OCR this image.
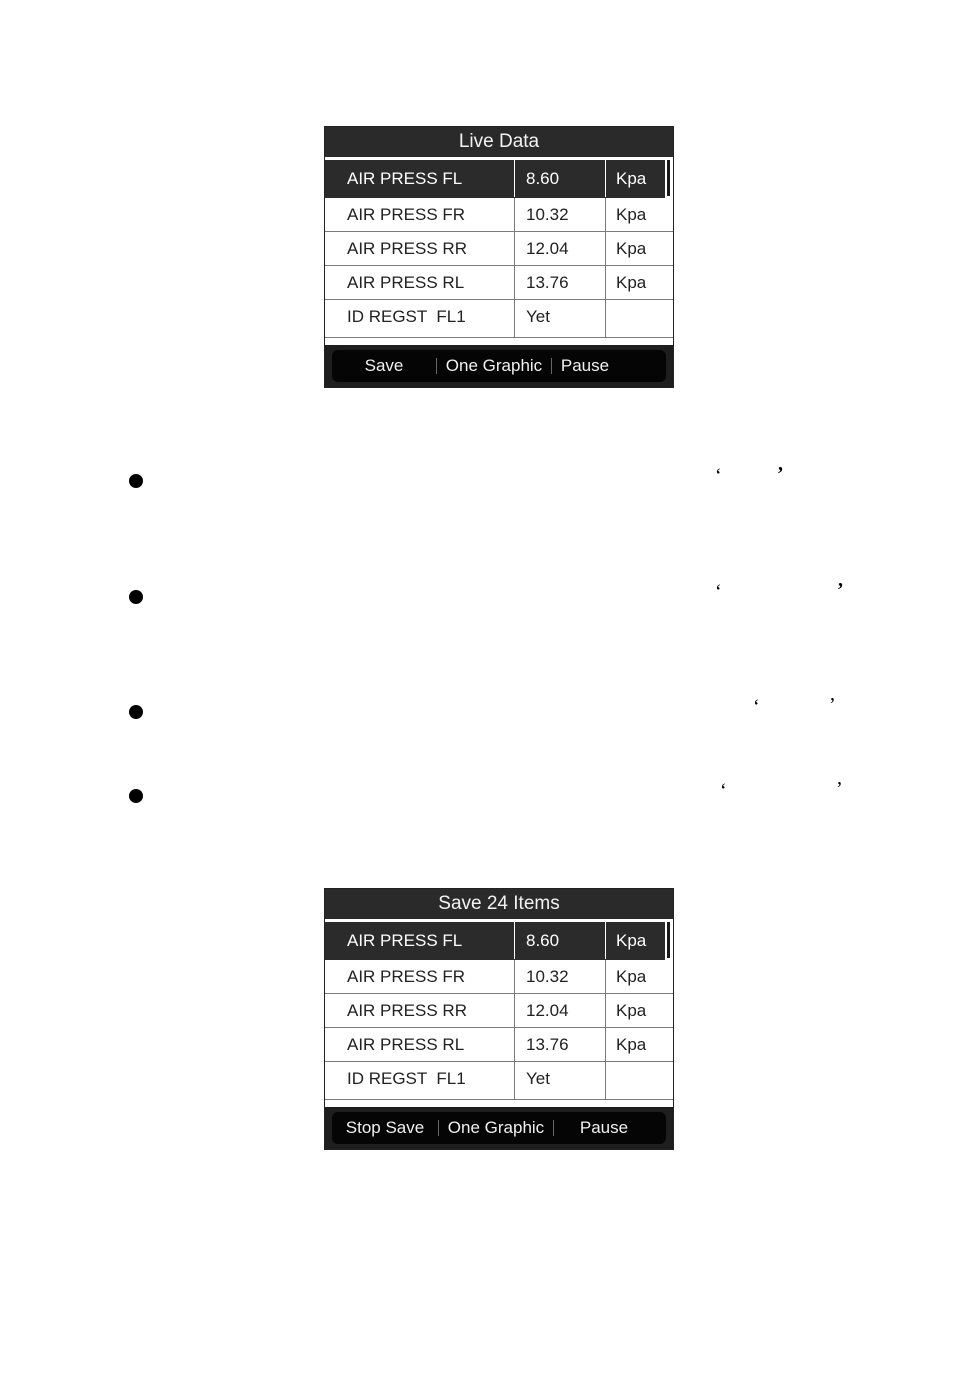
Live Data
AIR PRESS FL	8.60	Kpa
AIR PRESS FR	10.32	Kpa
AIR PRESS RR	12.04	Kpa
AIR PRESS RL	13.76	Kpa
ID REGST  FL1	Yet
Save	One Graphic	Pause
‘	’
‘	’
‘	’
‘	’
Save 24 Items
AIR PRESS FL	8.60	Kpa
AIR PRESS FR	10.32	Kpa
AIR PRESS RR	12.04	Kpa
AIR PRESS RL	13.76	Kpa
ID REGST  FL1	Yet
Stop Save	One Graphic	Pause
